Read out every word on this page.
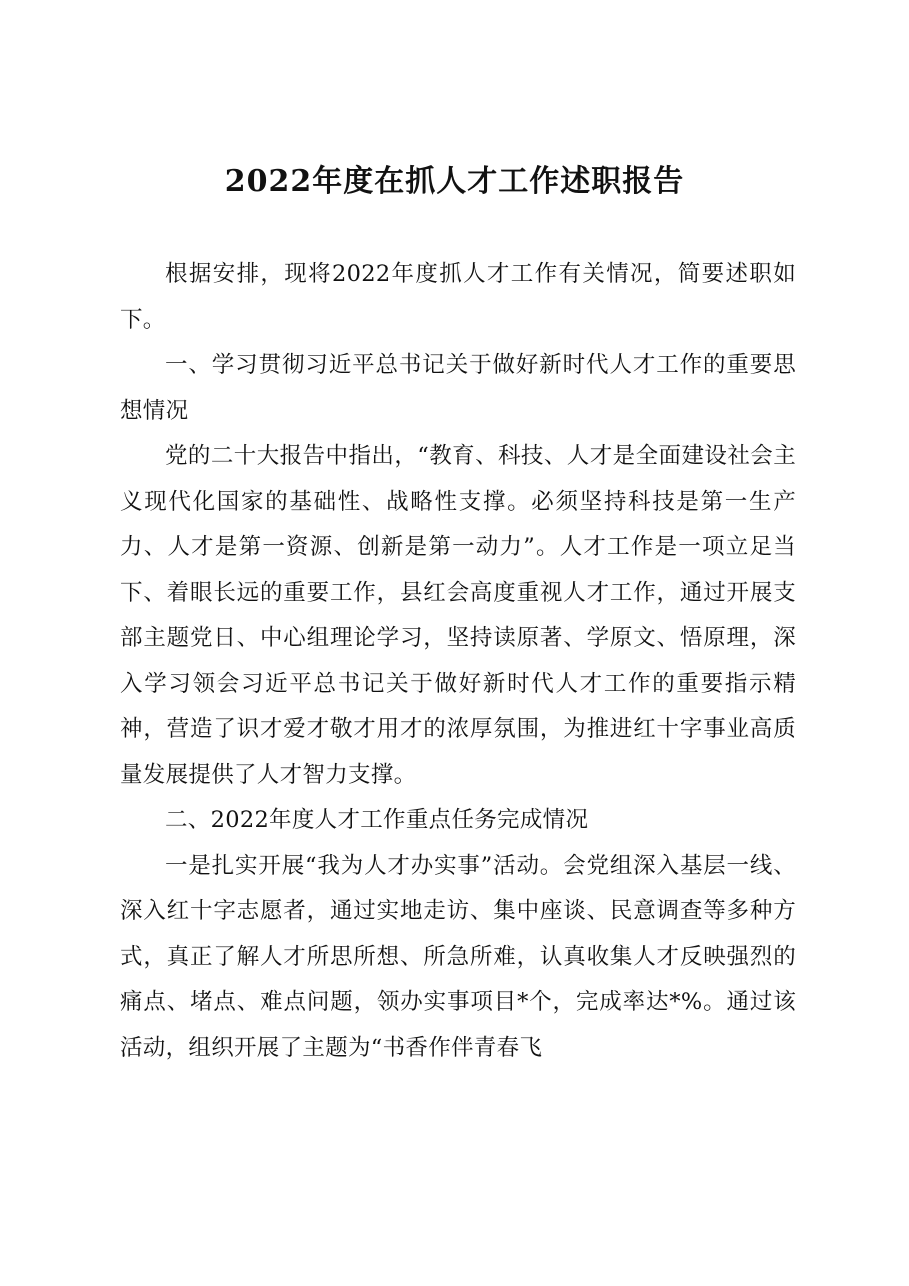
2022年度在抓人才工作述职报告

根据安排，现将2022年度抓人才工作有关情况，简要述职如下。

一、学习贯彻习近平总书记关于做好新时代人才工作的重要思想情况

党的二十大报告中指出，“教育、科技、人才是全面建设社会主义现代化国家的基础性、战略性支撑。必须坚持科技是第一生产力、人才是第一资源、创新是第一动力”。人才工作是一项立足当下、着眼长远的重要工作，县红会高度重视人才工作，通过开展支部主题党日、中心组理论学习，坚持读原著、学原文、悟原理，深入学习领会习近平总书记关于做好新时代人才工作的重要指示精神，营造了识才爱才敬才用才的浓厚氛围，为推进红十字事业高质量发展提供了人才智力支撑。

二、2022年度人才工作重点任务完成情况

一是扎实开展“我为人才办实事”活动。会党组深入基层一线、深入红十字志愿者，通过实地走访、集中座谈、民意调查等多种方式，真正了解人才所思所想、所急所难，认真收集人才反映强烈的痛点、堵点、难点问题，领办实事项目*个，完成率达*%。通过该活动，组织开展了主题为“书香作伴青春飞
